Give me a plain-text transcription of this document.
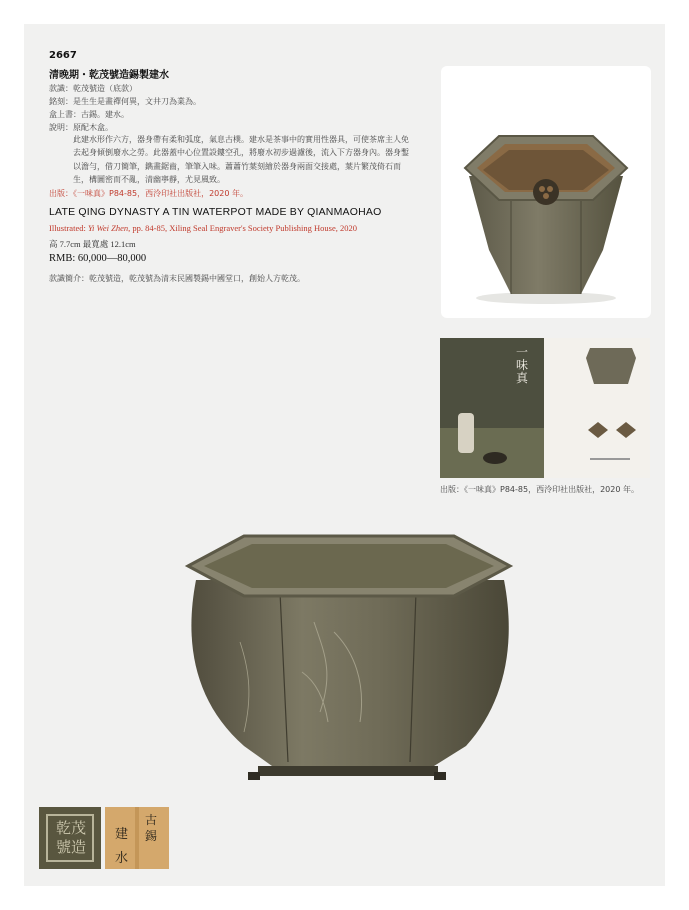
2667
清晚期・乾茂號造錫製建水
款識：乾茂號造（底款）
銘刻：是生生是畫禪何異，文井刀為業為。
盒上書：古錫。建水。
說明：原配木盒。
此建水形作六方，器身帶有柔和弧度，氣息古樸。建水是茶事中的實用性器具，可使茶席主人免去起身傾倒廢水之勞。此器蓋中心位置設鏤空孔，將廢水初步過濾後，流入下方器身內。器身鏨以澹勻，借刀簡筆，鐫畫鋸齒，筆筆入味。蕭蕭竹葉刻繪於器身兩面交接處，葉片繁茂倚石而生，構圖密而不亂，清幽寧靜，尤見風致。
出版：《一味真》P84-85，西泠印社出版社，2020 年。
LATE QING DYNASTY A TIN WATERPOT MADE BY QIANMAOHAO
Illustrated: Yi Wei Zhen, pp. 84-85, Xiling Seal Engraver's Society Publishing House, 2020
高 7.7cm 最寬處 12.1cm
RMB: 60,000—80,000
款識簡介：乾茂號造，乾茂號為清末民國製錫中國堂口，創始人方乾茂。
一味真
出版：《一味真》P84-85，西泠印社出版社，2020 年。
乾茂號造
建
水
古
錫
